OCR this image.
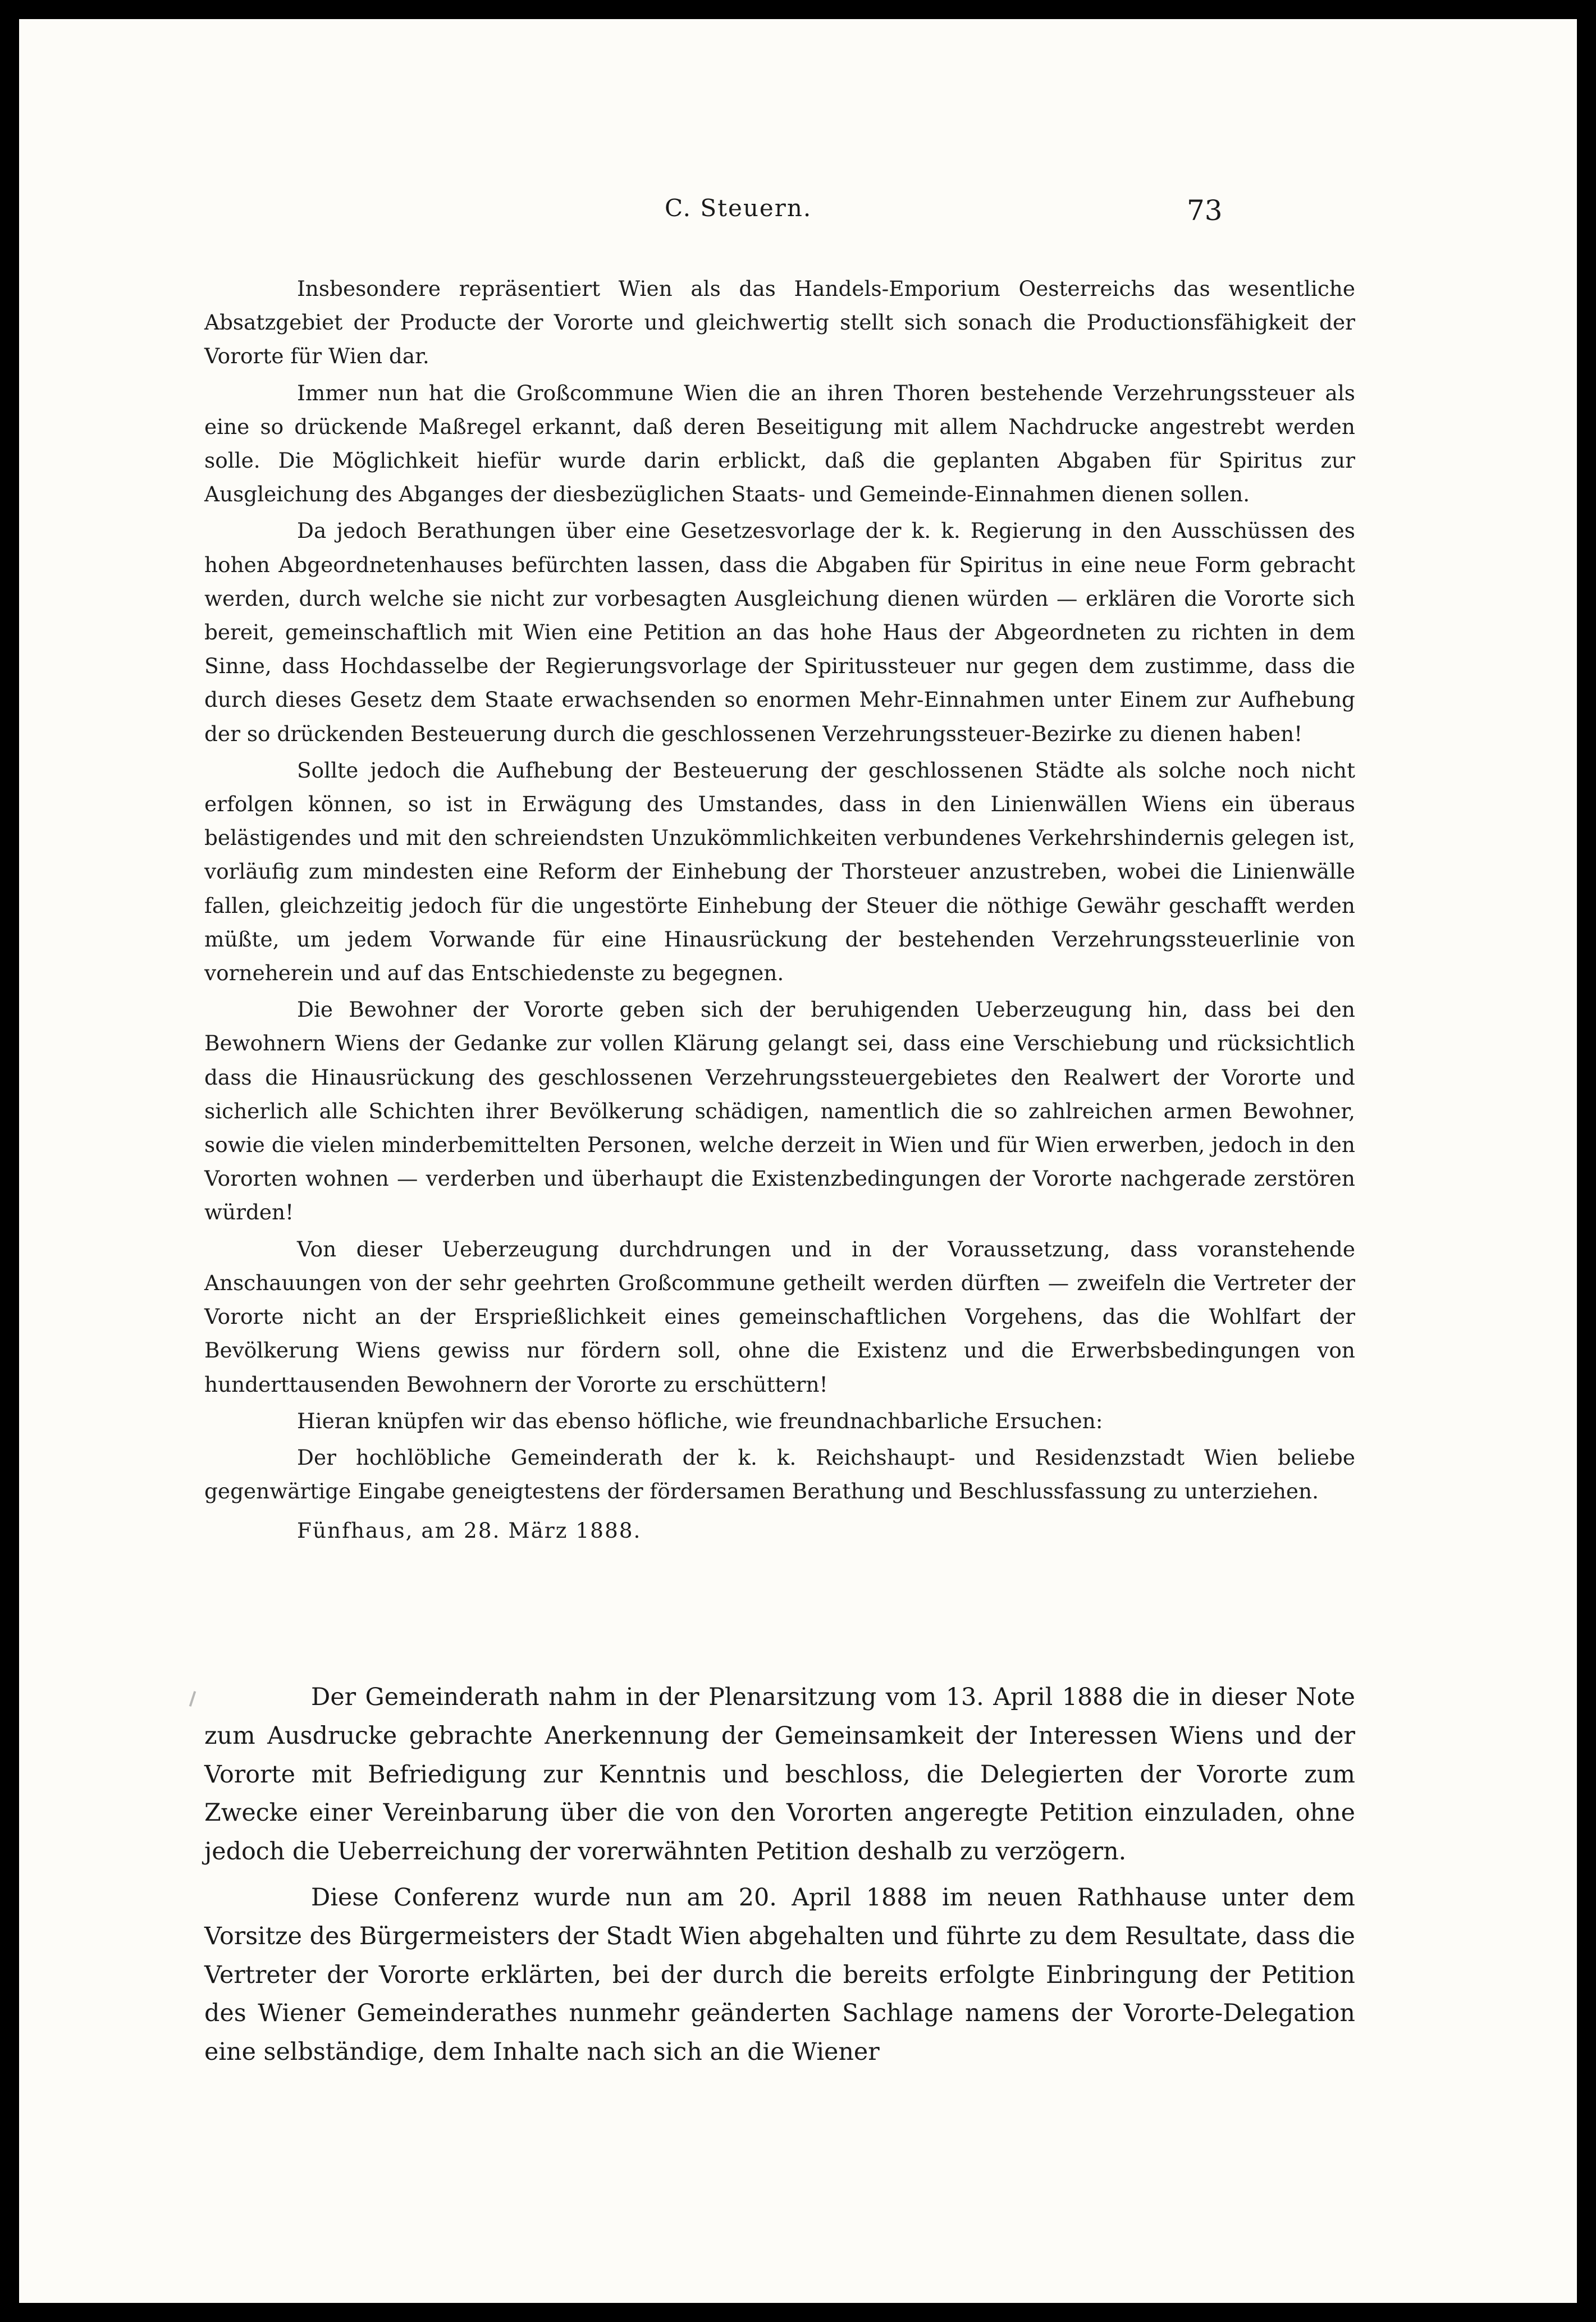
C. Steuern.	73

Insbesondere repräsentiert Wien als das Handels-Emporium Oesterreichs das wesentliche Absatzgebiet der Producte der Vororte und gleichwertig stellt sich sonach die Productionsfähigkeit der Vororte für Wien dar.

Immer nun hat die Großcommune Wien die an ihren Thoren bestehende Verzehrungssteuer als eine so drückende Maßregel erkannt, daß deren Beseitigung mit allem Nachdrucke angestrebt werden solle. Die Möglichkeit hiefür wurde darin erblickt, daß die geplanten Abgaben für Spiritus zur Ausgleichung des Abganges der diesbezüglichen Staats- und Gemeinde-Einnahmen dienen sollen.

Da jedoch Berathungen über eine Gesetzesvorlage der k. k. Regierung in den Ausschüssen des hohen Abgeordnetenhauses befürchten lassen, dass die Abgaben für Spiritus in eine neue Form gebracht werden, durch welche sie nicht zur vorbesagten Ausgleichung dienen würden — erklären die Vororte sich bereit, gemeinschaftlich mit Wien eine Petition an das hohe Haus der Abgeordneten zu richten in dem Sinne, dass Hochdasselbe der Regierungsvorlage der Spiritussteuer nur gegen dem zustimme, dass die durch dieses Gesetz dem Staate erwachsenden so enormen Mehr-Einnahmen unter Einem zur Aufhebung der so drückenden Besteuerung durch die geschlossenen Verzehrungssteuer-Bezirke zu dienen haben!

Sollte jedoch die Aufhebung der Besteuerung der geschlossenen Städte als solche noch nicht erfolgen können, so ist in Erwägung des Umstandes, dass in den Linienwällen Wiens ein überaus belästigendes und mit den schreiendsten Unzukömmlichkeiten verbundenes Verkehrshindernis gelegen ist, vorläufig zum mindesten eine Reform der Einhebung der Thorsteuer anzustreben, wobei die Linienwälle fallen, gleichzeitig jedoch für die ungestörte Einhebung der Steuer die nöthige Gewähr geschafft werden müßte, um jedem Vorwande für eine Hinausrückung der bestehenden Verzehrungssteuerlinie von vorneherein und auf das Entschiedenste zu begegnen.

Die Bewohner der Vororte geben sich der beruhigenden Ueberzeugung hin, dass bei den Bewohnern Wiens der Gedanke zur vollen Klärung gelangt sei, dass eine Verschiebung und rücksichtlich dass die Hinausrückung des geschlossenen Verzehrungssteuergebietes den Realwert der Vororte und sicherlich alle Schichten ihrer Bevölkerung schädigen, namentlich die so zahlreichen armen Bewohner, sowie die vielen minderbemittelten Personen, welche derzeit in Wien und für Wien erwerben, jedoch in den Vororten wohnen — verderben und überhaupt die Existenzbedingungen der Vororte nachgerade zerstören würden!

Von dieser Ueberzeugung durchdrungen und in der Voraussetzung, dass voranstehende Anschauungen von der sehr geehrten Großcommune getheilt werden dürften — zweifeln die Vertreter der Vororte nicht an der Ersprießlichkeit eines gemeinschaftlichen Vorgehens, das die Wohlfart der Bevölkerung Wiens gewiss nur fördern soll, ohne die Existenz und die Erwerbsbedingungen von hunderttausenden Bewohnern der Vororte zu erschüttern!

Hieran knüpfen wir das ebenso höfliche, wie freundnachbarliche Ersuchen:

Der hochlöbliche Gemeinderath der k. k. Reichshaupt- und Residenzstadt Wien beliebe gegenwärtige Eingabe geneigtestens der fördersamen Berathung und Beschlussfassung zu unterziehen.

Fünfhaus, am 28. März 1888.

Der Gemeinderath nahm in der Plenarsitzung vom 13. April 1888 die in dieser Note zum Ausdrucke gebrachte Anerkennung der Gemeinsamkeit der Interessen Wiens und der Vororte mit Befriedigung zur Kenntnis und beschloss, die Delegierten der Vororte zum Zwecke einer Vereinbarung über die von den Vororten angeregte Petition einzuladen, ohne jedoch die Ueberreichung der vorerwähnten Petition deshalb zu verzögern.

Diese Conferenz wurde nun am 20. April 1888 im neuen Rathhause unter dem Vorsitze des Bürgermeisters der Stadt Wien abgehalten und führte zu dem Resultate, dass die Vertreter der Vororte erklärten, bei der durch die bereits erfolgte Einbringung der Petition des Wiener Gemeinderathes nunmehr geänderten Sachlage namens der Vororte-Delegation eine selbständige, dem Inhalte nach sich an die Wiener
